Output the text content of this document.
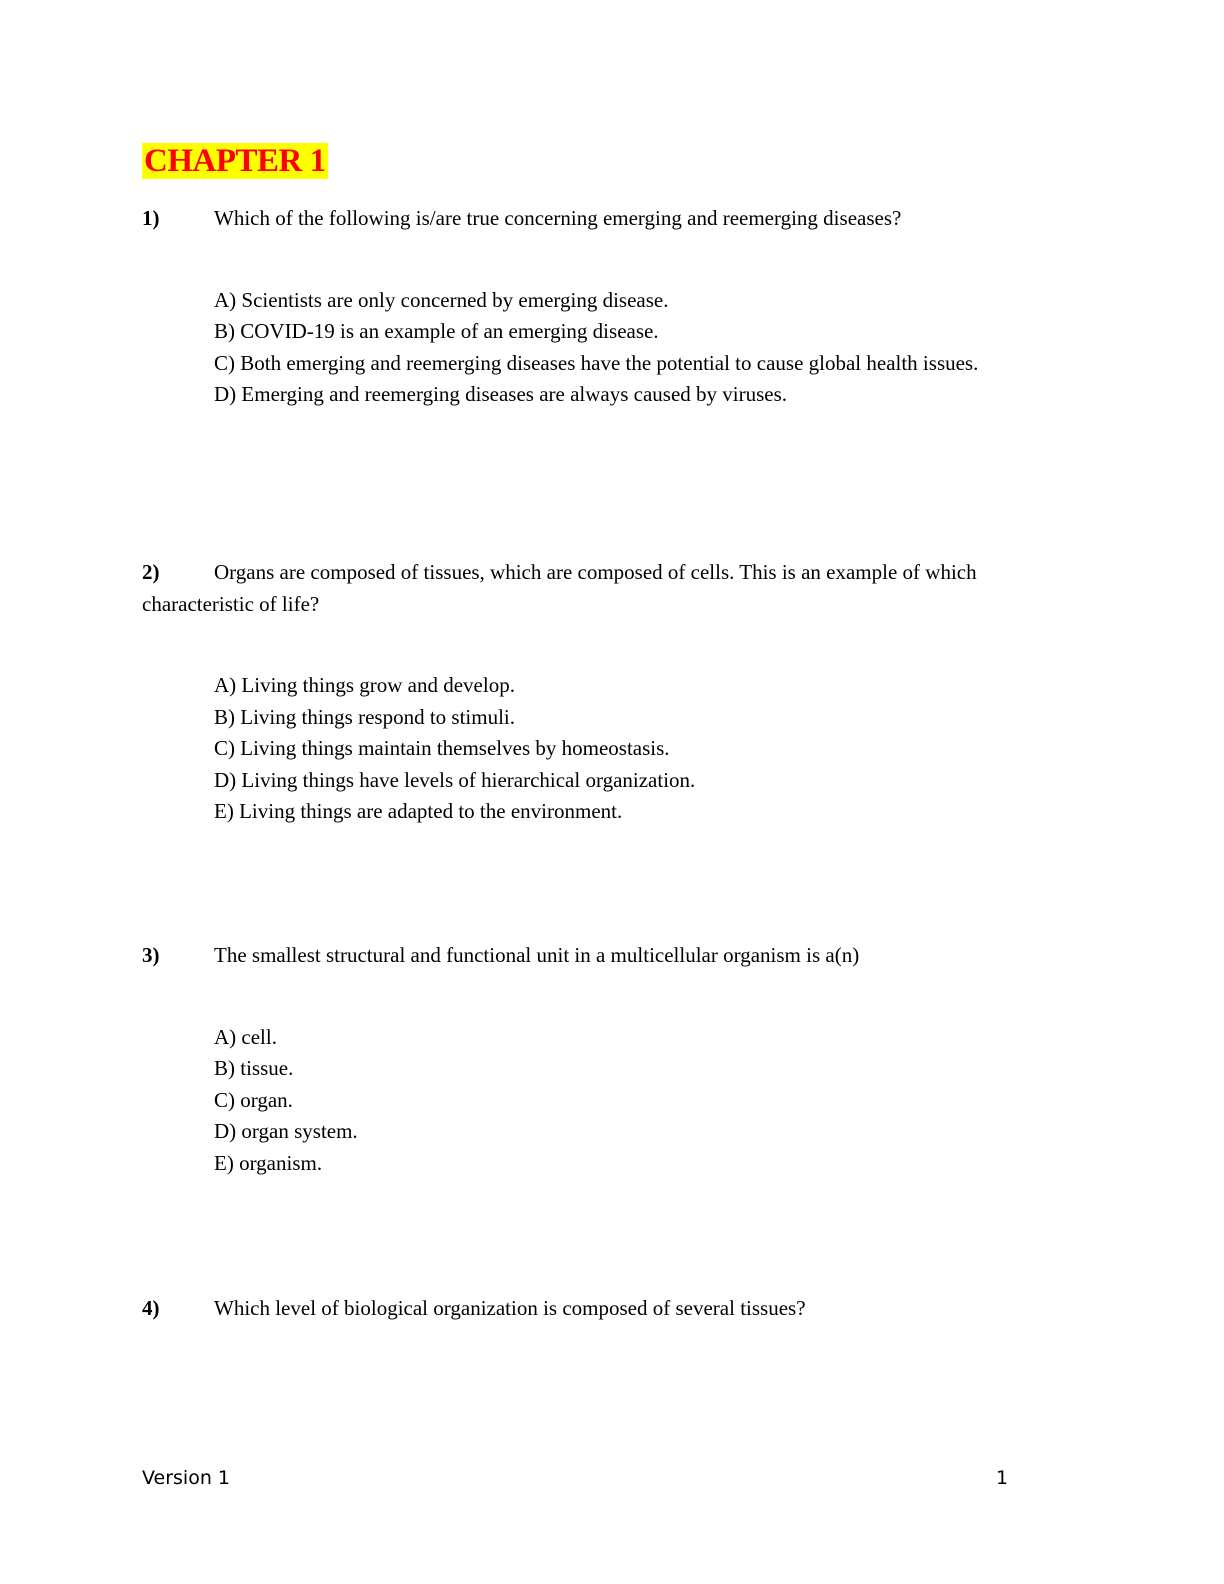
CHAPTER 1

1)	Which of the following is/are true concerning emerging and reemerging diseases?

A) Scientists are only concerned by emerging disease.

B) COVID-19 is an example of an emerging disease.

C) Both emerging and reemerging diseases have the potential to cause global health issues.

D) Emerging and reemerging diseases are always caused by viruses.

2)	Organs are composed of tissues, which are composed of cells. This is an example of which characteristic of life?

A) Living things grow and develop.

B) Living things respond to stimuli.

C) Living things maintain themselves by homeostasis.

D) Living things have levels of hierarchical organization.

E) Living things are adapted to the environment.

3)	The smallest structural and functional unit in a multicellular organism is a(n)

A) cell.

B) tissue.

C) organ.

D) organ system.

E) organism.

4)	Which level of biological organization is composed of several tissues?

Version 1	1
